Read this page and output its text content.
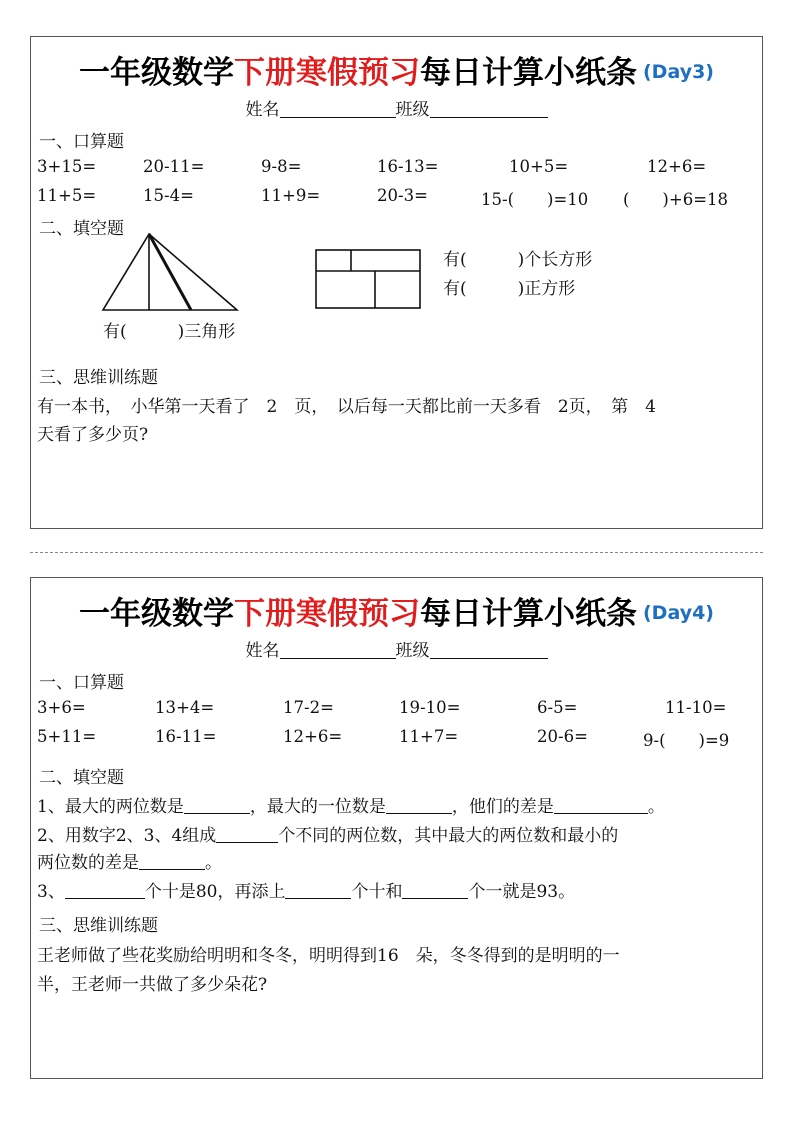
一年级数学下册寒假预习每日计算小纸条 (Day3)
姓名	班级
一、口算题
3+15=	20-11=	9-8=	16-13=	10+5=	12+6=
11+5=	15-4=	11+9=	20-3=	15-(　　)=10 (　　)+6=18
二、填空题
有(　　　)三角形
有(　　　)个长方形
有(　　　)正方形
三、思维训练题
有一本书，　小华第一天看了　2　页，　以后每一天都比前一天多看　2页，　第　4
天看了多少页?
一年级数学下册寒假预习每日计算小纸条 (Day4)
姓名	班级
一、口算题
3+6=	13+4=	17-2=	19-10=	6-5=	11-10=
5+11=	16-11=	12+6=	11+7=	20-6=	9-(　　)=9
二、填空题
1、最大的两位数是	，最大的一位数是	，他们的差是	。
2、用数字2、3、4组成	个不同的两位数，其中最大的两位数和最小的
两位数的差是	。
3、	个十是80，再添上	个十和	个一就是93。
三、思维训练题
王老师做了些花奖励给明明和冬冬，明明得到16　朵，冬冬得到的是明明的一
半，王老师一共做了多少朵花?
